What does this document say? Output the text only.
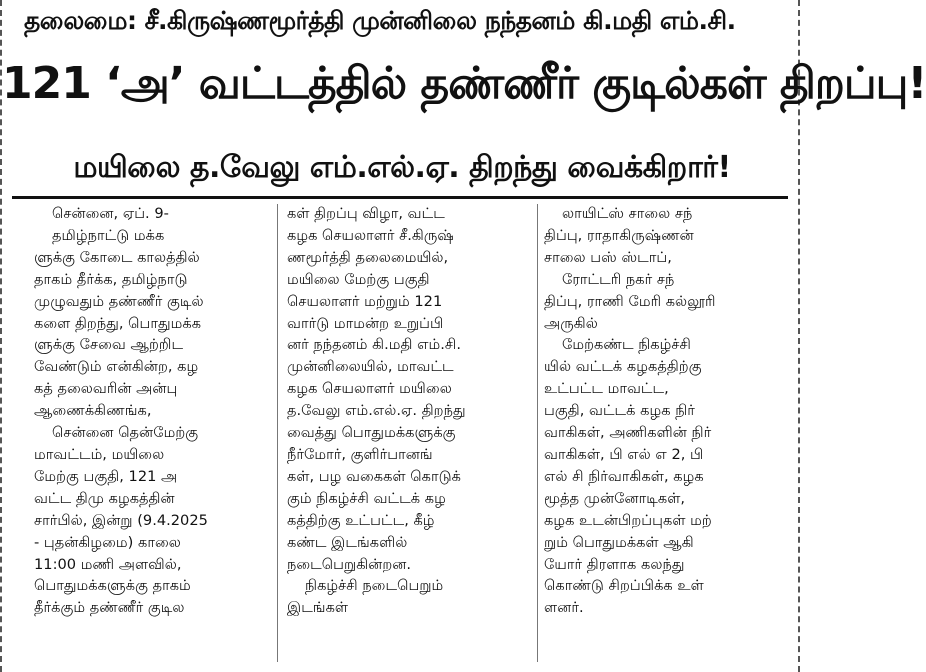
தலைமை: சீ.கிருஷ்ணமூர்த்தி முன்னிலை நந்தனம் கி.மதி எம்.சி.
121 ‘அ’ வட்டத்தில் தண்ணீர் குடில்கள் திறப்பு!
மயிலை த.வேலு எம்.எல்.ஏ. திறந்து வைக்கிறார்!
சென்னை, ஏப். 9-
தமிழ்நாட்டு மக்க
ளுக்கு கோடை காலத்தில்
தாகம் தீர்க்க, தமிழ்நாடு
முழுவதும் தண்ணீர் குடில்
களை திறந்து, பொதுமக்க
ளுக்கு சேவை ஆற்றிட
வேண்டும் என்கின்ற, கழ
கத் தலைவரின் அன்பு
ஆணைக்கிணங்க,
சென்னை தென்மேற்கு
மாவட்டம், மயிலை
மேற்கு பகுதி, 121 அ
வட்ட திமு கழகத்தின்
சார்பில், இன்று (9.4.2025
- புதன்கிழமை) காலை
11:00 மணி அளவில்,
பொதுமக்களுக்கு தாகம்
தீர்க்கும் தண்ணீர் குடில
கள் திறப்பு விழா, வட்ட
கழக செயலாளர் சீ.கிருஷ்
ணமூர்த்தி தலைமையில்,
மயிலை மேற்கு பகுதி
செயலாளர் மற்றும் 121
வார்டு மாமன்ற உறுப்பி
னர் நந்தனம் கி.மதி எம்.சி.
முன்னிலையில், மாவட்ட
கழக செயலாளர் மயிலை
த.வேலு எம்.எல்.ஏ. திறந்து
வைத்து பொதுமக்களுக்கு
நீர்மோர், குளிர்பானங்
கள், பழ வகைகள் கொடுக்
கும் நிகழ்ச்சி வட்டக் கழ
கத்திற்கு உட்பட்ட, கீழ்
கண்ட இடங்களில்
நடைபெறுகின்றன.
நிகழ்ச்சி நடைபெறும்
இடங்கள்
லாயிட்ஸ் சாலை சந்
திப்பு, ராதாகிருஷ்ணன்
சாலை பஸ் ஸ்டாப்,
ரோட்டரி நகர் சந்
திப்பு, ராணி மேரி கல்லூரி
அருகில்
மேற்கண்ட நிகழ்ச்சி
யில் வட்டக் கழகத்திற்கு
உட்பட்ட மாவட்ட,
பகுதி, வட்டக் கழக நிர்
வாகிகள், அணிகளின் நிர்
வாகிகள், பி எல் எ 2, பி
எல் சி நிர்வாகிகள், கழக
மூத்த முன்னோடிகள்,
கழக உடன்பிறப்புகள் மற்
றும் பொதுமக்கள் ஆகி
யோர் திரளாக கலந்து
கொண்டு சிறப்பிக்க உள்
ளனர்.
